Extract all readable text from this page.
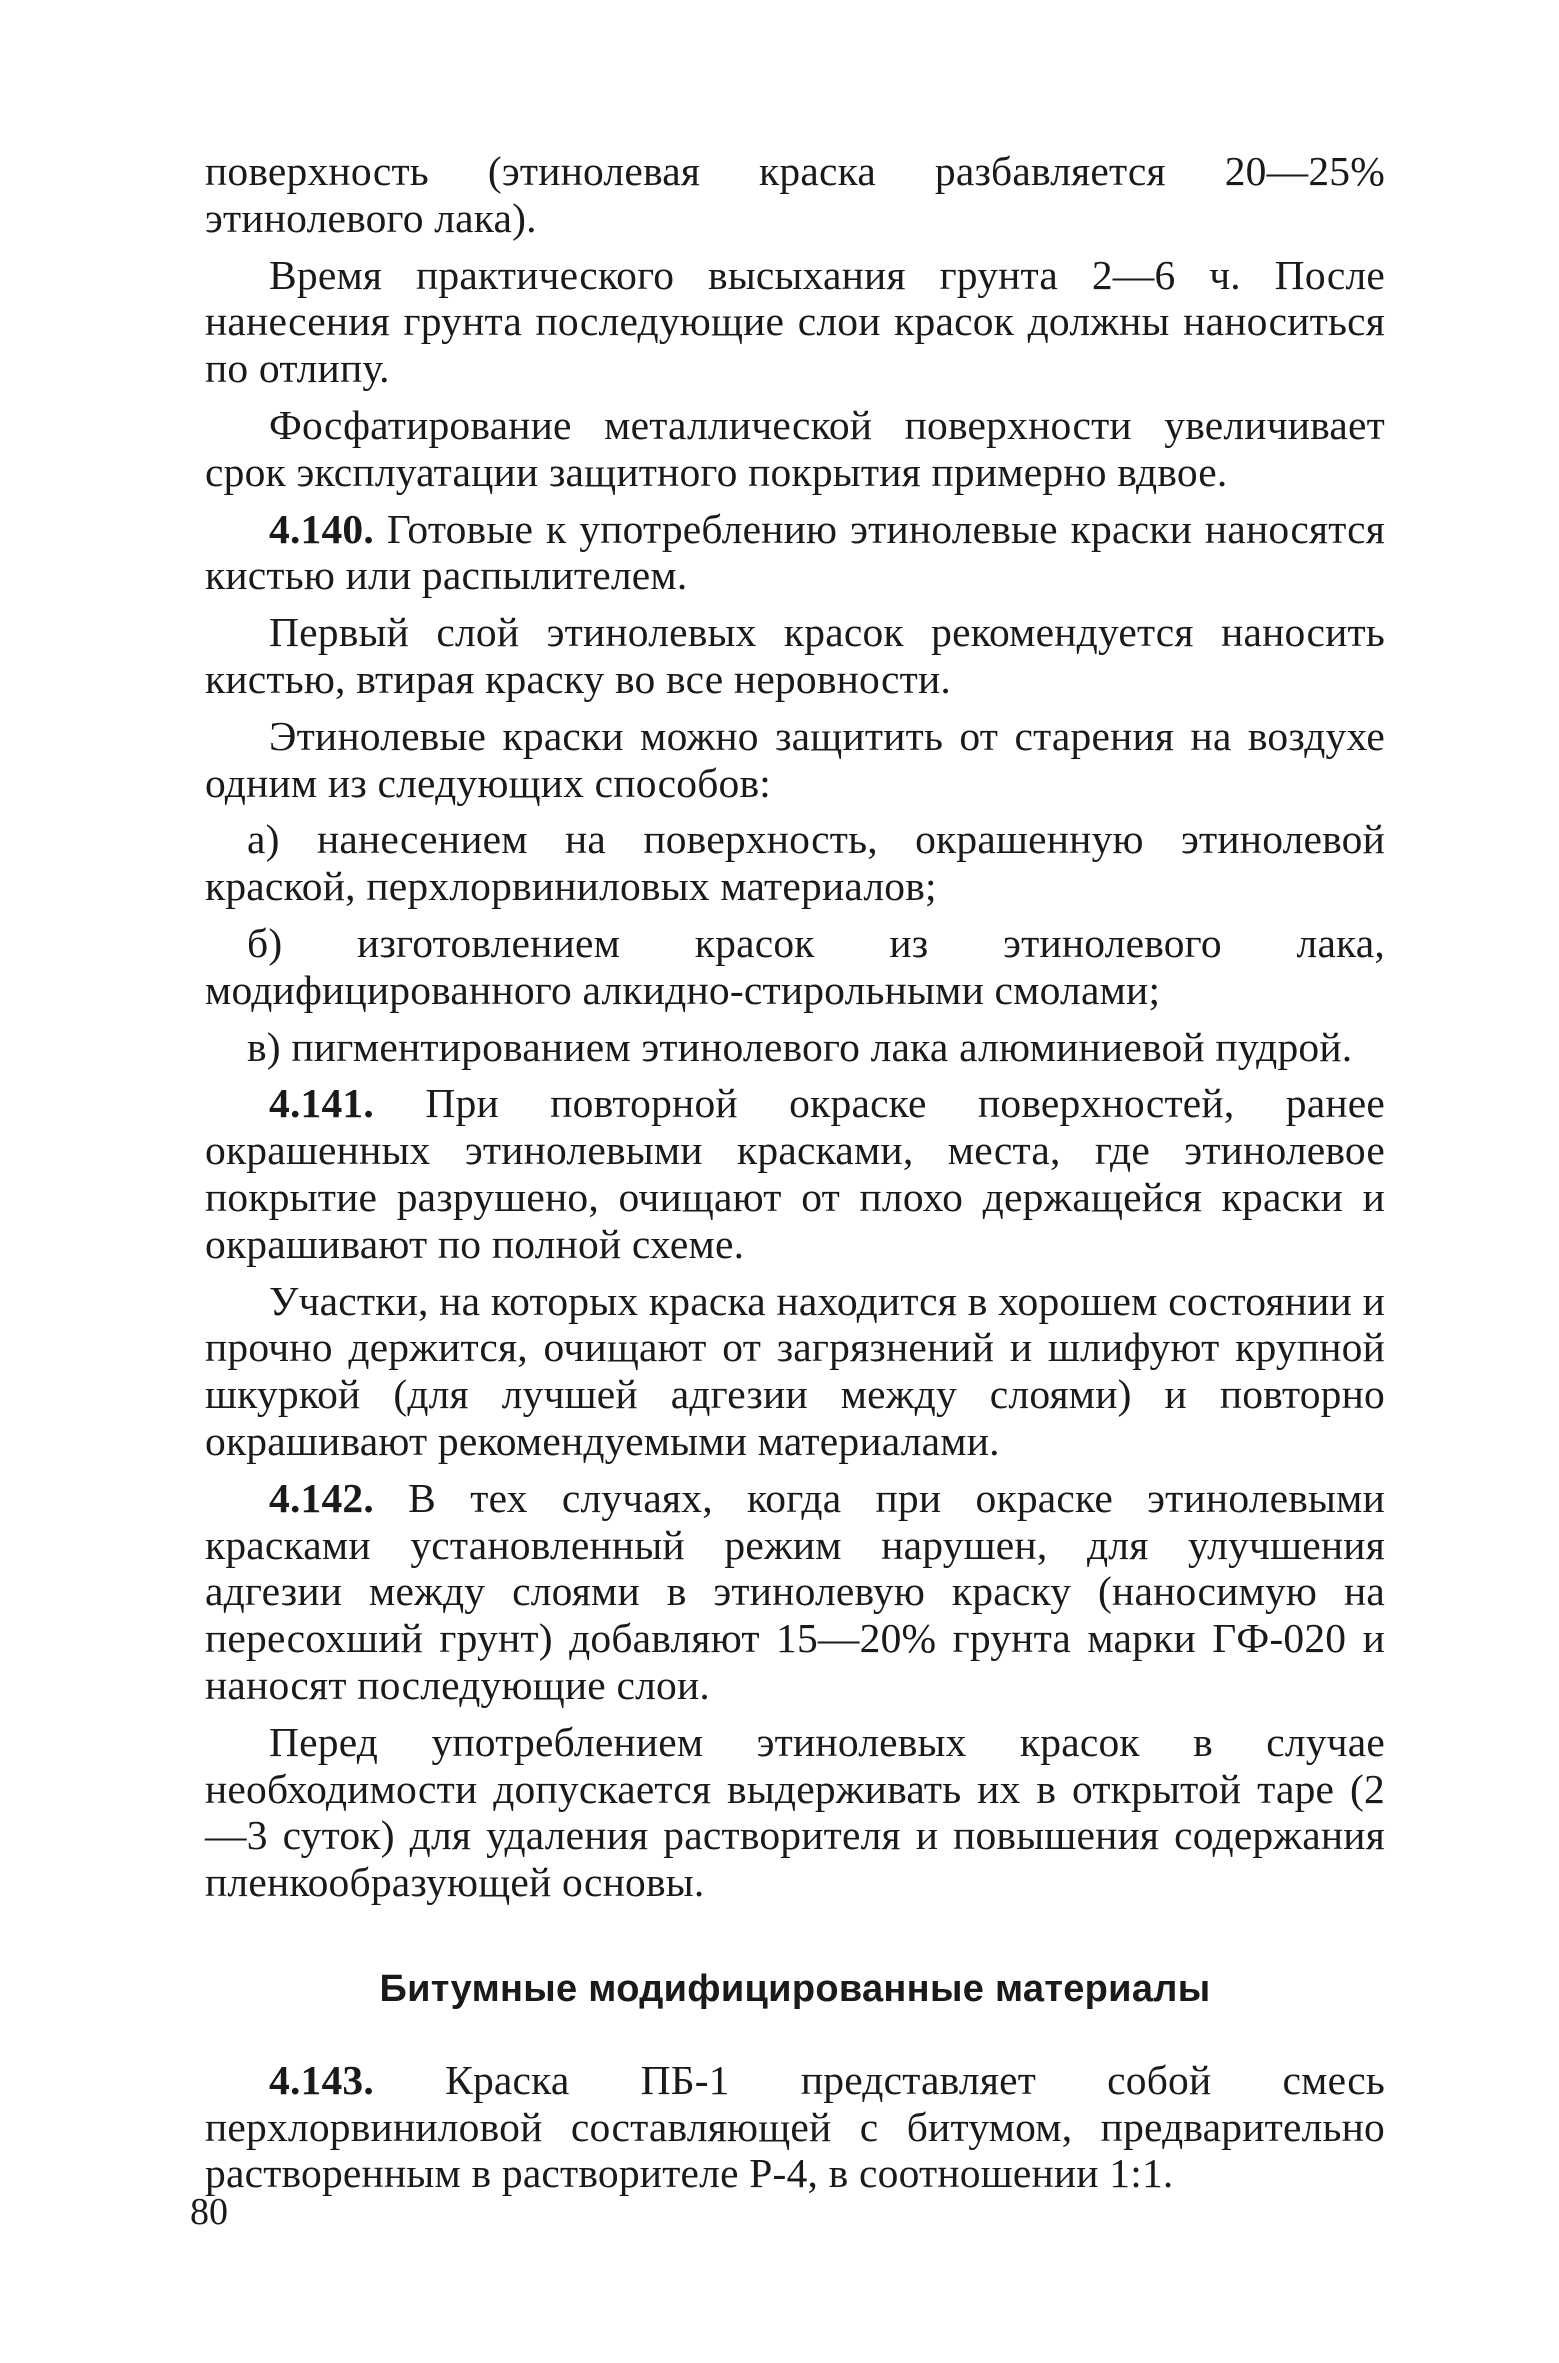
поверхность (этинолевая краска разбавляется 20—25% этинолевого лака).

Время практического высыхания грунта 2—6 ч. После нанесения грунта последующие слои красок должны наноситься по отлипу.

Фосфатирование металлической поверхности увеличивает срок эксплуатации защитного покрытия примерно вдвое.

4.140. Готовые к употреблению этинолевые краски наносятся кистью или распылителем.

Первый слой этинолевых красок рекомендуется наносить кистью, втирая краску во все неровности.

Этинолевые краски можно защитить от старения на воздухе одним из следующих способов:

а) нанесением на поверхность, окрашенную этинолевой краской, перхлорвиниловых материалов;

б) изготовлением красок из этинолевого лака, модифицированного алкидно-стирольными смолами;

в) пигментированием этинолевого лака алюминиевой пудрой.

4.141. При повторной окраске поверхностей, ранее окрашенных этинолевыми красками, места, где этинолевое покрытие разрушено, очищают от плохо держащейся краски и окрашивают по полной схеме.

Участки, на которых краска находится в хорошем состоянии и прочно держится, очищают от загрязнений и шлифуют крупной шкуркой (для лучшей адгезии между слоями) и повторно окрашивают рекомендуемыми материалами.

4.142. В тех случаях, когда при окраске этинолевыми красками установленный режим нарушен, для улучшения адгезии между слоями в этинолевую краску (наносимую на пересохший грунт) добавляют 15—20% грунта марки ГФ-020 и наносят последующие слои.

Перед употреблением этинолевых красок в случае необходимости допускается выдерживать их в открытой таре (2—3 суток) для удаления растворителя и повышения содержания пленкообразующей основы.

Битумные модифицированные материалы

4.143. Краска ПБ-1 представляет собой смесь перхлорвиниловой составляющей с битумом, предварительно растворенным в растворителе Р-4, в соотношении 1:1.

80
